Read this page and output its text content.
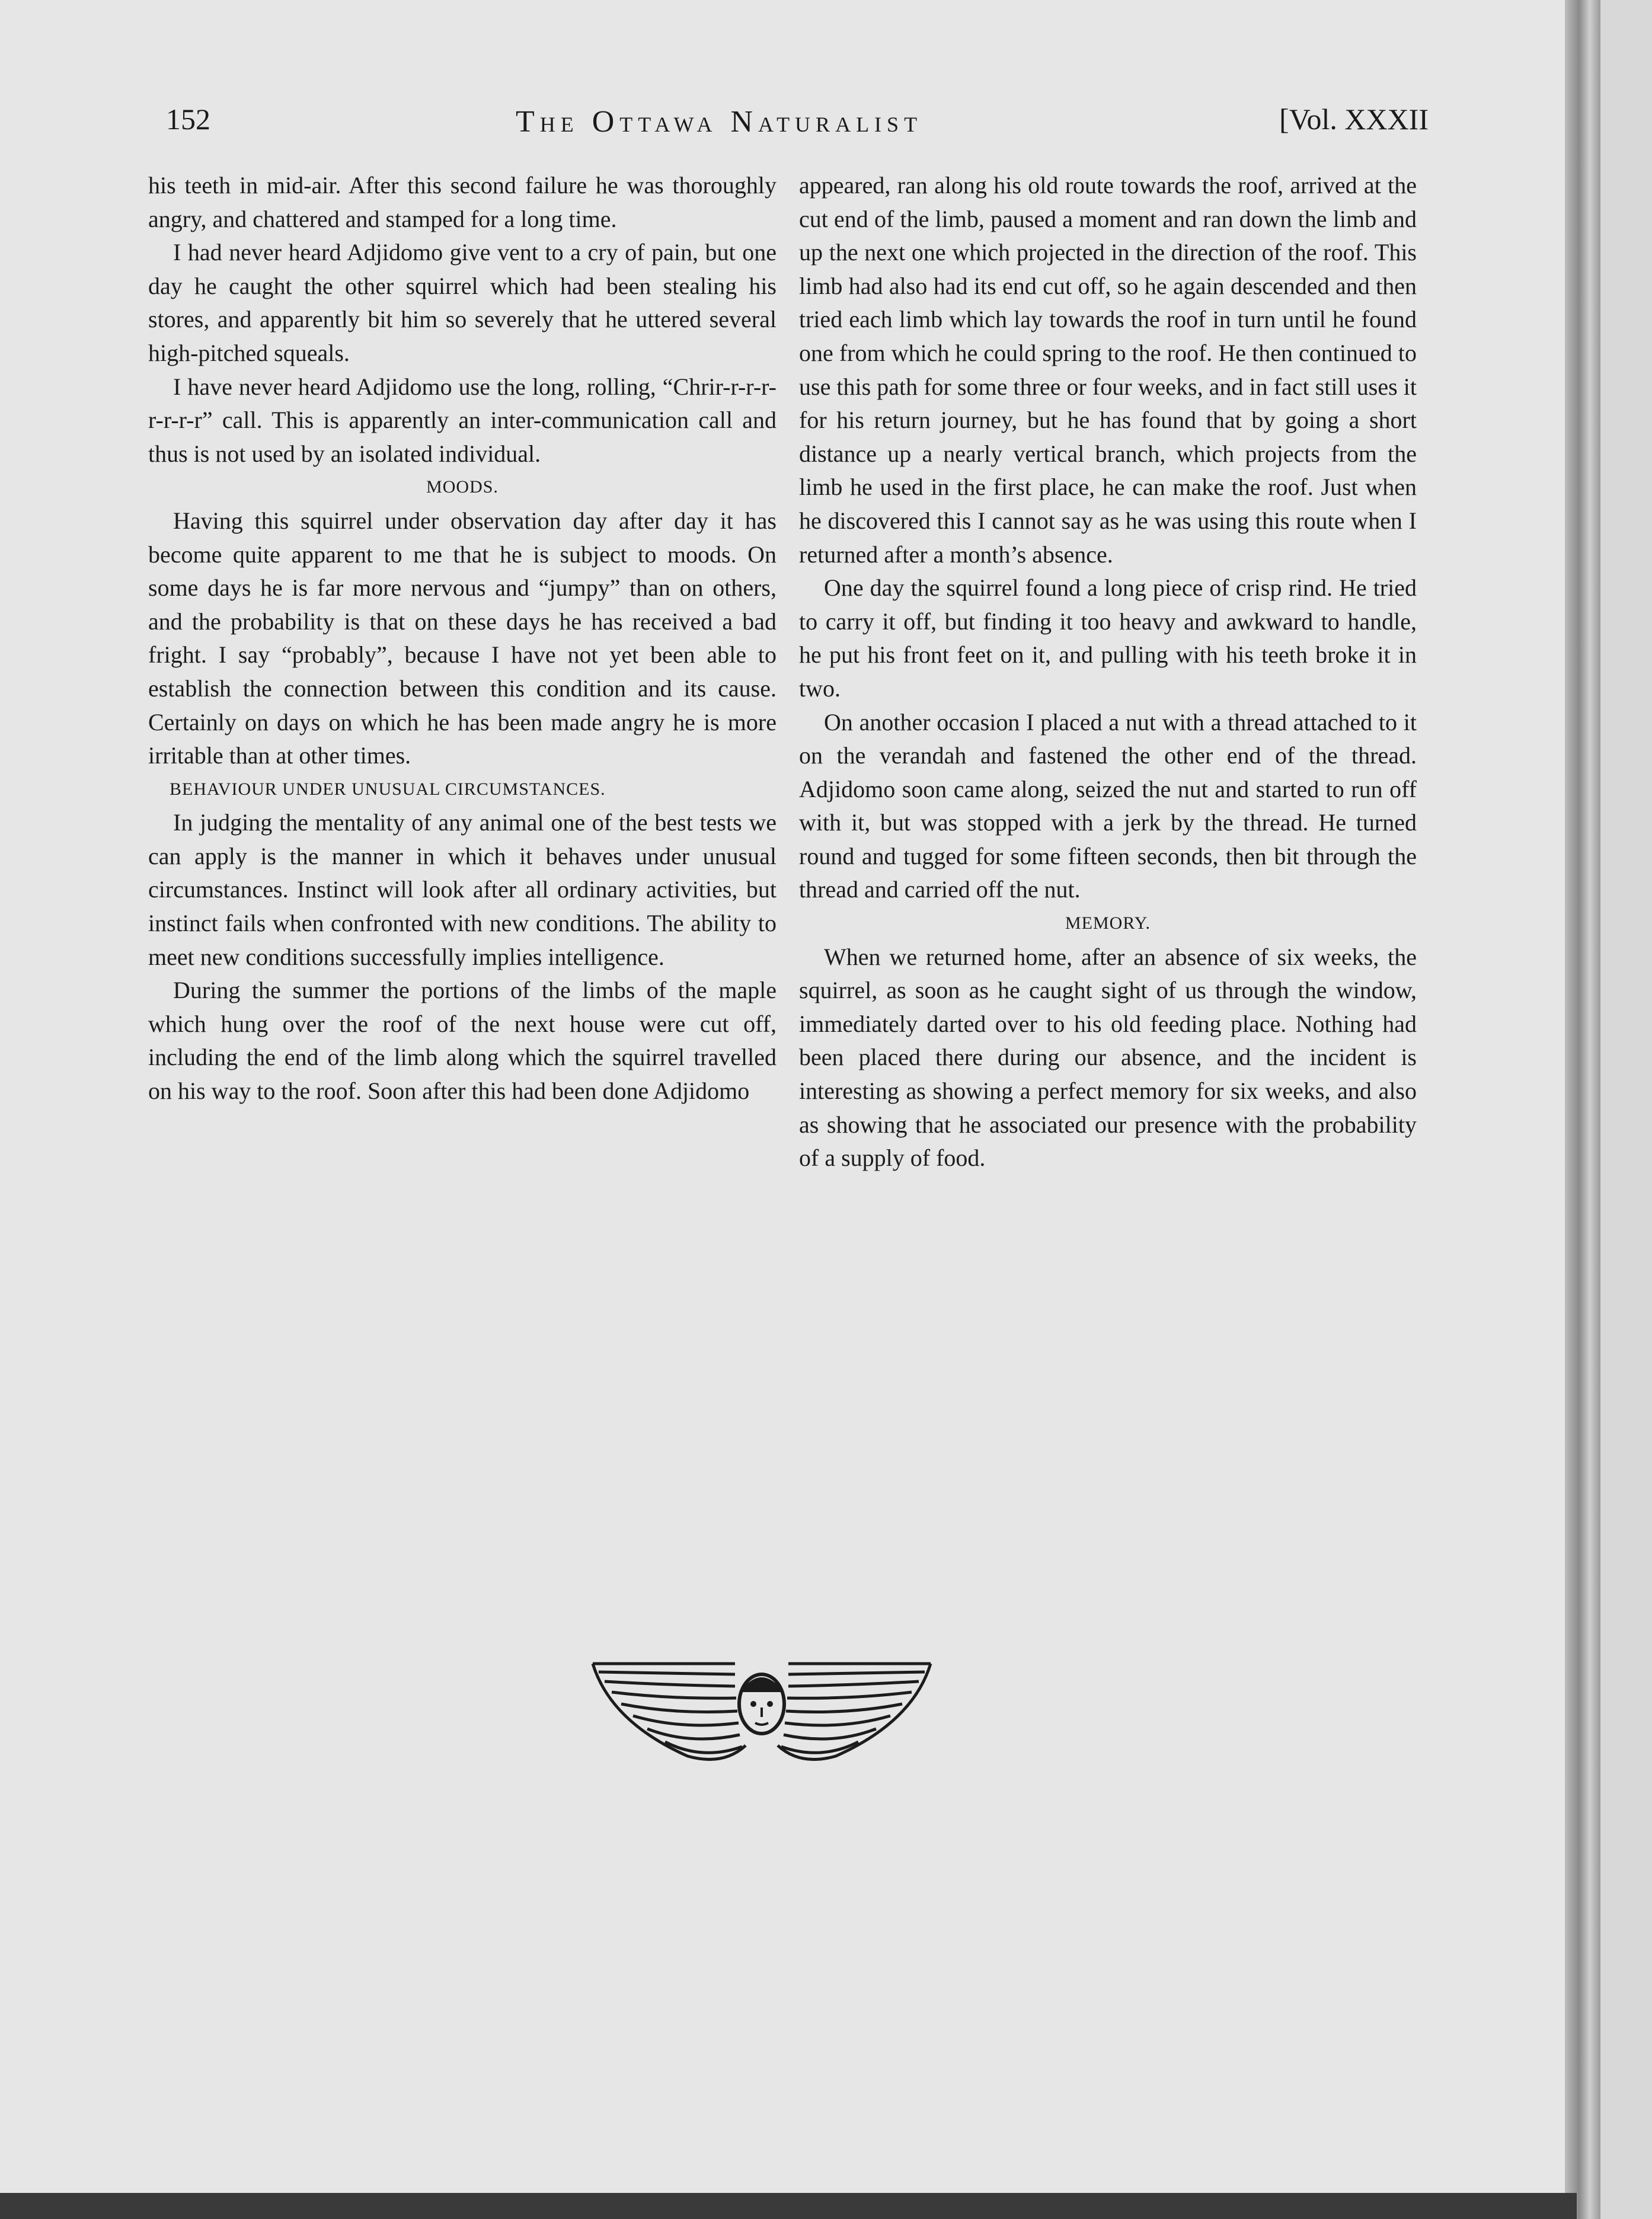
152	The Ottawa Naturalist	[Vol. XXXII

his teeth in mid-air. After this second failure he was thoroughly angry, and chattered and stamped for a long time.

I had never heard Adjidomo give vent to a cry of pain, but one day he caught the other squirrel which had been stealing his stores, and apparently bit him so severely that he uttered several high-pitched squeals.

I have never heard Adjidomo use the long, rolling, “Chrir-r-r-r-r-r-r-r” call. This is apparently an inter-communication call and thus is not used by an isolated individual.

MOODS.

Having this squirrel under observation day after day it has become quite apparent to me that he is subject to moods. On some days he is far more nervous and “jumpy” than on others, and the probability is that on these days he has received a bad fright. I say “probably”, because I have not yet been able to establish the connection between this condition and its cause. Certainly on days on which he has been made angry he is more irritable than at other times.

BEHAVIOUR UNDER UNUSUAL CIRCUMSTANCES.

In judging the mentality of any animal one of the best tests we can apply is the manner in which it behaves under unusual circumstances. Instinct will look after all ordinary activities, but instinct fails when confronted with new conditions. The ability to meet new conditions successfully implies intelligence.

During the summer the portions of the limbs of the maple which hung over the roof of the next house were cut off, including the end of the limb along which the squirrel travelled on his way to the roof. Soon after this had been done Adjidomo

appeared, ran along his old route towards the roof, arrived at the cut end of the limb, paused a moment and ran down the limb and up the next one which projected in the direction of the roof. This limb had also had its end cut off, so he again descended and then tried each limb which lay towards the roof in turn until he found one from which he could spring to the roof. He then continued to use this path for some three or four weeks, and in fact still uses it for his return journey, but he has found that by going a short distance up a nearly vertical branch, which projects from the limb he used in the first place, he can make the roof. Just when he discovered this I cannot say as he was using this route when I returned after a month’s absence.

One day the squirrel found a long piece of crisp rind. He tried to carry it off, but finding it too heavy and awkward to handle, he put his front feet on it, and pulling with his teeth broke it in two.

On another occasion I placed a nut with a thread attached to it on the verandah and fastened the other end of the thread. Adjidomo soon came along, seized the nut and started to run off with it, but was stopped with a jerk by the thread. He turned round and tugged for some fifteen seconds, then bit through the thread and carried off the nut.

MEMORY.

When we returned home, after an absence of six weeks, the squirrel, as soon as he caught sight of us through the window, immediately darted over to his old feeding place. Nothing had been placed there during our absence, and the incident is interesting as showing a perfect memory for six weeks, and also as showing that he associated our presence with the probability of a supply of food.
